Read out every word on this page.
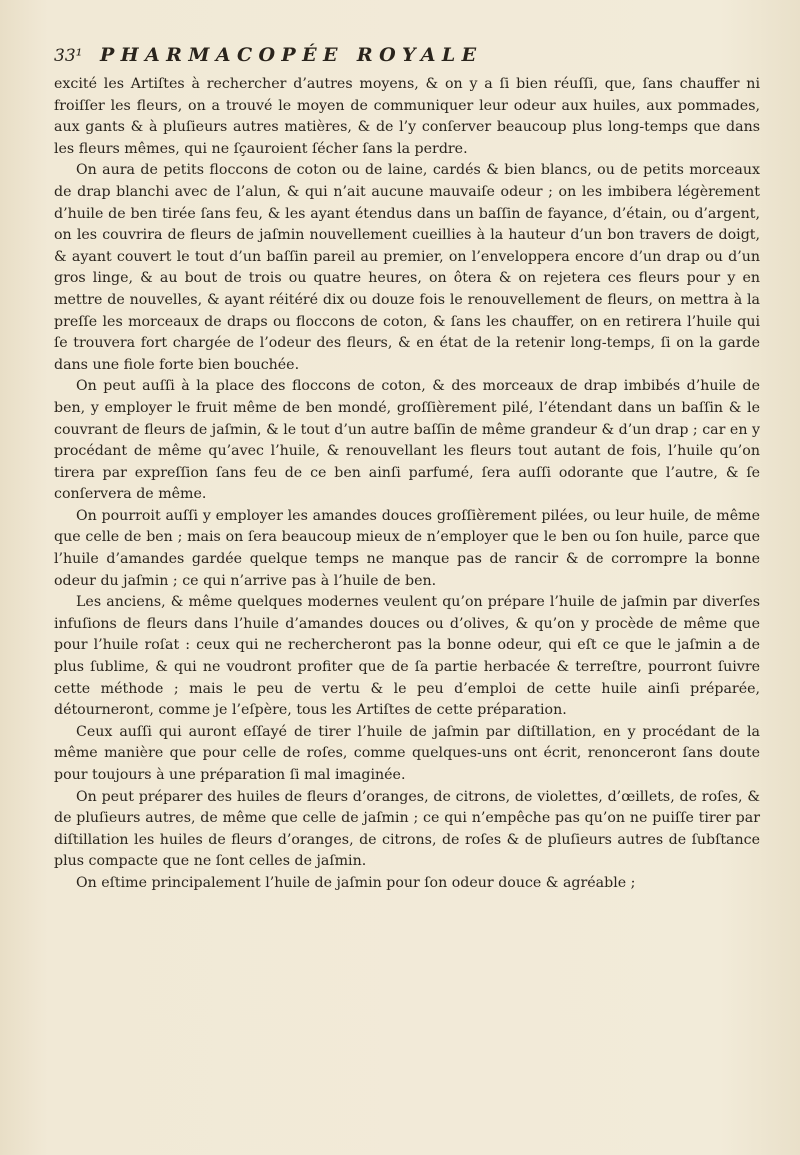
33¹ PHARMACOPÉE ROYALE

excité les Artiſtes à rechercher d’autres moyens, & on y a ſi bien réuſſi, que, ſans chauffer ni froiſſer les fleurs, on a trouvé le moyen de communiquer leur odeur aux huiles, aux pommades, aux gants & à pluſieurs autres matières, & de l’y conſerver beaucoup plus long-temps que dans les fleurs mêmes, qui ne ſçauroient ſécher ſans la perdre.

On aura de petits floccons de coton ou de laine, cardés & bien blancs, ou de petits morceaux de drap blanchi avec de l’alun, & qui n’ait aucune mauvaiſe odeur ; on les imbibera légèrement d’huile de ben tirée ſans feu, & les ayant étendus dans un baſſin de fayance, d’étain, ou d’argent, on les couvrira de fleurs de jaſmin nouvellement cueillies à la hauteur d’un bon travers de doigt, & ayant couvert le tout d’un baſſin pareil au premier, on l’enveloppera encore d’un drap ou d’un gros linge, & au bout de trois ou quatre heures, on ôtera & on rejetera ces fleurs pour y en mettre de nouvelles, & ayant réitéré dix ou douze fois le renouvellement de fleurs, on mettra à la preſſe les morceaux de draps ou floccons de coton, & ſans les chauffer, on en retirera l’huile qui ſe trouvera fort chargée de l’odeur des fleurs, & en état de la retenir long-temps, ſi on la garde dans une fiole forte bien bouchée.

On peut auſſi à la place des floccons de coton, & des morceaux de drap imbibés d’huile de ben, y employer le fruit même de ben mondé, groſſièrement pilé, l’étendant dans un baſſin & le couvrant de fleurs de jaſmin, & le tout d’un autre baſſin de même grandeur & d’un drap ; car en y procédant de même qu’avec l’huile, & renouvellant les fleurs tout autant de fois, l’huile qu’on tirera par expreſſion ſans feu de ce ben ainſi parfumé, ſera auſſi odorante que l’autre, & ſe conſervera de même.

On pourroit auſſi y employer les amandes douces groſſièrement pilées, ou leur huile, de même que celle de ben ; mais on ſera beaucoup mieux de n’employer que le ben ou ſon huile, parce que l’huile d’amandes gardée quelque temps ne manque pas de rancir & de corrompre la bonne odeur du jaſmin ; ce qui n’arrive pas à l’huile de ben.

Les anciens, & même quelques modernes veulent qu’on prépare l’huile de jaſmin par diverſes infuſions de fleurs dans l’huile d’amandes douces ou d’olives, & qu’on y procède de même que pour l’huile roſat : ceux qui ne rechercheront pas la bonne odeur, qui eſt ce que le jaſmin a de plus ſublime, & qui ne voudront profiter que de ſa partie herbacée & terreſtre, pourront ſuivre cette méthode ; mais le peu de vertu & le peu d’emploi de cette huile ainſi préparée, détourneront, comme je l’eſpère, tous les Artiſtes de cette préparation.

Ceux auſſi qui auront eſſayé de tirer l’huile de jaſmin par diſtillation, en y procédant de la même manière que pour celle de roſes, comme quelques-uns ont écrit, renonceront ſans doute pour toujours à une préparation ſi mal imaginée.

On peut préparer des huiles de fleurs d’oranges, de citrons, de violettes, d’œillets, de roſes, & de pluſieurs autres, de même que celle de jaſmin ; ce qui n’empêche pas qu’on ne puiſſe tirer par diſtillation les huiles de fleurs d’oranges, de citrons, de roſes & de pluſieurs autres de ſubſtance plus compacte que ne ſont celles de jaſmin.

On eſtime principalement l’huile de jaſmin pour ſon odeur douce & agréable ;
